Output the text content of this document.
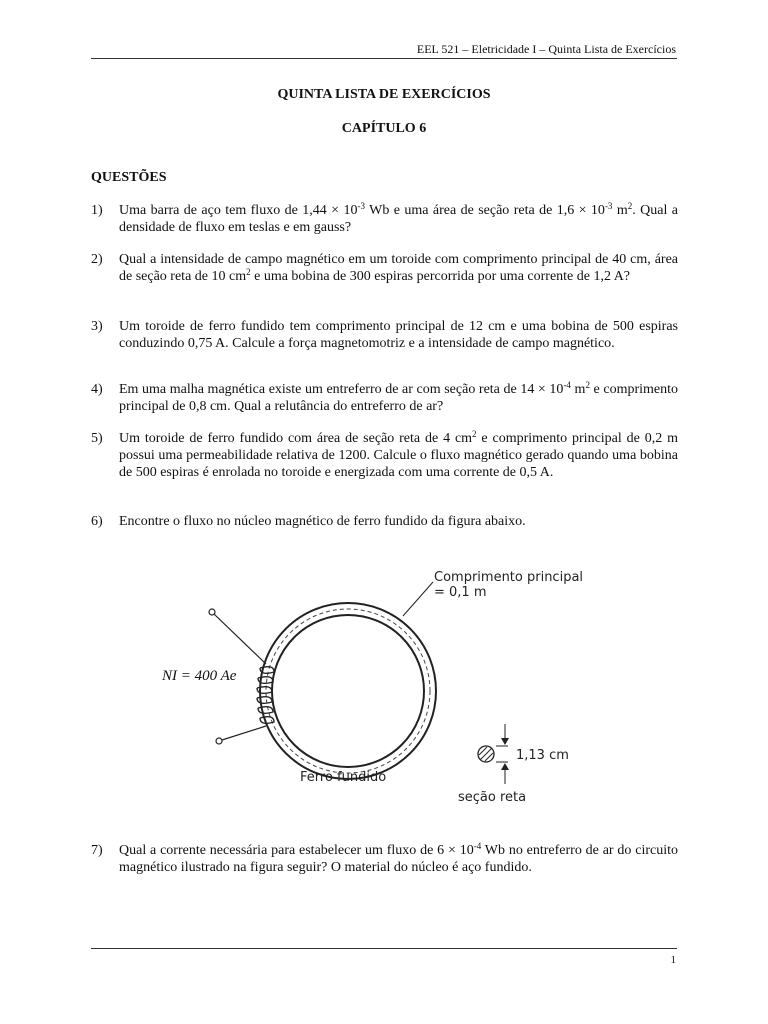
EEL 521 – Eletricidade I – Quinta Lista de Exercícios
QUINTA LISTA DE EXERCÍCIOS
CAPÍTULO 6
QUESTÕES
1) Uma barra de aço tem fluxo de $1,44 \times 10^{-3}$ Wb e uma área de seção reta de $1,6 \times 10^{-3}$ $m^2$. Qual a densidade de fluxo em teslas e em gauss?
2) Qual a intensidade de campo magnético em um toroide com comprimento principal de 40 cm, área de seção reta de 10 $cm^2$ e uma bobina de 300 espiras percorrida por uma corrente de 1,2 A?
3) Um toroide de ferro fundido tem comprimento principal de 12 cm e uma bobina de 500 espiras conduzindo 0,75 A. Calcule a força magnetomotriz e a intensidade de campo magnético.
4) Em uma malha magnética existe um entreferro de ar com seção reta de $14 \times 10^{-4}$ $m^2$ e comprimento principal de 0,8 cm. Qual a relutância do entreferro de ar?
5) Um toroide de ferro fundido com área de seção reta de 4 $cm^2$ e comprimento principal de 0,2 m possui uma permeabilidade relativa de 1200. Calcule o fluxo magnético gerado quando uma bobina de 500 espiras é enrolada no toroide e energizada com uma corrente de 0,5 A.
6) Encontre o fluxo no núcleo magnético de ferro fundido da figura abaixo.
Comprimento principal
= 0,1 m
NI = 400 Ae
Ferro fundido
1,13 cm
seção reta
7) Qual a corrente necessária para estabelecer um fluxo de $6 \times 10^{-4}$ Wb no entreferro de ar do circuito magnético ilustrado na figura seguir? O material do núcleo é aço fundido.
1
